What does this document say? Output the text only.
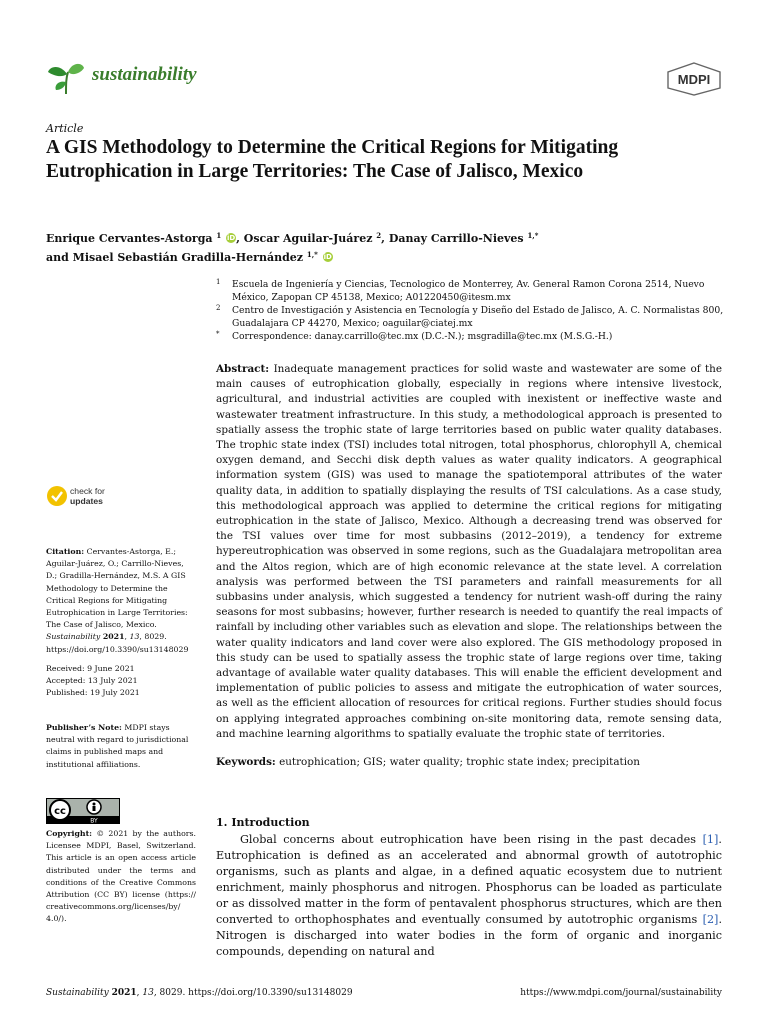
sustainability	MDPI
Article
A GIS Methodology to Determine the Critical Regions for Mitigating Eutrophication in Large Territories: The Case of Jalisco, Mexico
Enrique Cervantes-Astorga $^1$ iD, Oscar Aguilar-Juárez $^2$, Danay Carrillo-Nieves $^{1,*}$
and Misael Sebastián Gradilla-Hernández $^{1,*}$ iD

1 Escuela de Ingeniería y Ciencias, Tecnologico de Monterrey, Av. General Ramon Corona 2514, Nuevo México, Zapopan CP 45138, Mexico; A01220450@itesm.mx

2 Centro de Investigación y Asistencia en Tecnología y Diseño del Estado de Jalisco, A. C. Normalistas 800, Guadalajara CP 44270, Mexico; oaguilar@ciatej.mx

* Correspondence: danay.carrillo@tec.mx (D.C.-N.); msgradilla@tec.mx (M.S.G.-H.)

Abstract: Inadequate management practices for solid waste and wastewater are some of the main causes of eutrophication globally, especially in regions where intensive livestock, agricultural, and industrial activities are coupled with inexistent or ineffective waste and wastewater treatment infrastructure. In this study, a methodological approach is presented to spatially assess the trophic state of large territories based on public water quality databases. The trophic state index (TSI) includes total nitrogen, total phosphorus, chlorophyll A, chemical oxygen demand, and Secchi disk depth values as water quality indicators. A geographical information system (GIS) was used to manage the spatiotemporal attributes of the water quality data, in addition to spatially displaying the results of TSI calculations. As a case study, this methodological approach was applied to determine the critical regions for mitigating eutrophication in the state of Jalisco, Mexico. Although a decreasing trend was observed for the TSI values over time for most subbasins (2012–2019), a tendency for extreme hypereutrophication was observed in some regions, such as the Guadalajara metropolitan area and the Altos region, which are of high economic relevance at the state level. A correlation analysis was performed between the TSI parameters and rainfall measurements for all subbasins under analysis, which suggested a tendency for nutrient wash-off during the rainy seasons for most subbasins; however, further research is needed to quantify the real impacts of rainfall by including other variables such as elevation and slope. The relationships between the water quality indicators and land cover were also explored. The GIS methodology proposed in this study can be used to spatially assess the trophic state of large regions over time, taking advantage of available water quality databases. This will enable the efficient development and implementation of public policies to assess and mitigate the eutrophication of water sources, as well as the efficient allocation of resources for critical regions. Further studies should focus on applying integrated approaches combining on-site monitoring data, remote sensing data, and machine learning algorithms to spatially evaluate the trophic state of territories.
Keywords: eutrophication; GIS; water quality; trophic state index; precipitation
check for
updates
Citation: Cervantes-Astorga, E.; Aguilar-Juárez, O.; Carrillo-Nieves, D.; Gradilla-Hernández, M.S. A GIS Methodology to Determine the Critical Regions for Mitigating Eutrophication in Large Territories: The Case of Jalisco, Mexico. Sustainability 2021, 13, 8029. https://doi.org/10.3390/su13148029
Received: 9 June 2021
Accepted: 13 July 2021
Published: 19 July 2021
Publisher’s Note: MDPI stays neutral with regard to jurisdictional claims in published maps and institutional affiliations.
cc
BY
Copyright: © 2021 by the authors. Licensee MDPI, Basel, Switzerland. This article is an open access article distributed under the terms and conditions of the Creative Commons Attribution (CC BY) license (https:// creativecommons.org/licenses/by/ 4.0/).
1. Introduction
Global concerns about eutrophication have been rising in the past decades [1]. Eutrophication is defined as an accelerated and abnormal growth of autotrophic organisms, such as plants and algae, in a defined aquatic ecosystem due to nutrient enrichment, mainly phosphorus and nitrogen. Phosphorus can be loaded as particulate or as dissolved matter in the form of pentavalent phosphorus structures, which are then converted to orthophosphates and eventually consumed by autotrophic organisms [2]. Nitrogen is discharged into water bodies in the form of organic and inorganic compounds, depending on natural and
Sustainability 2021, 13, 8029. https://doi.org/10.3390/su13148029	https://www.mdpi.com/journal/sustainability
